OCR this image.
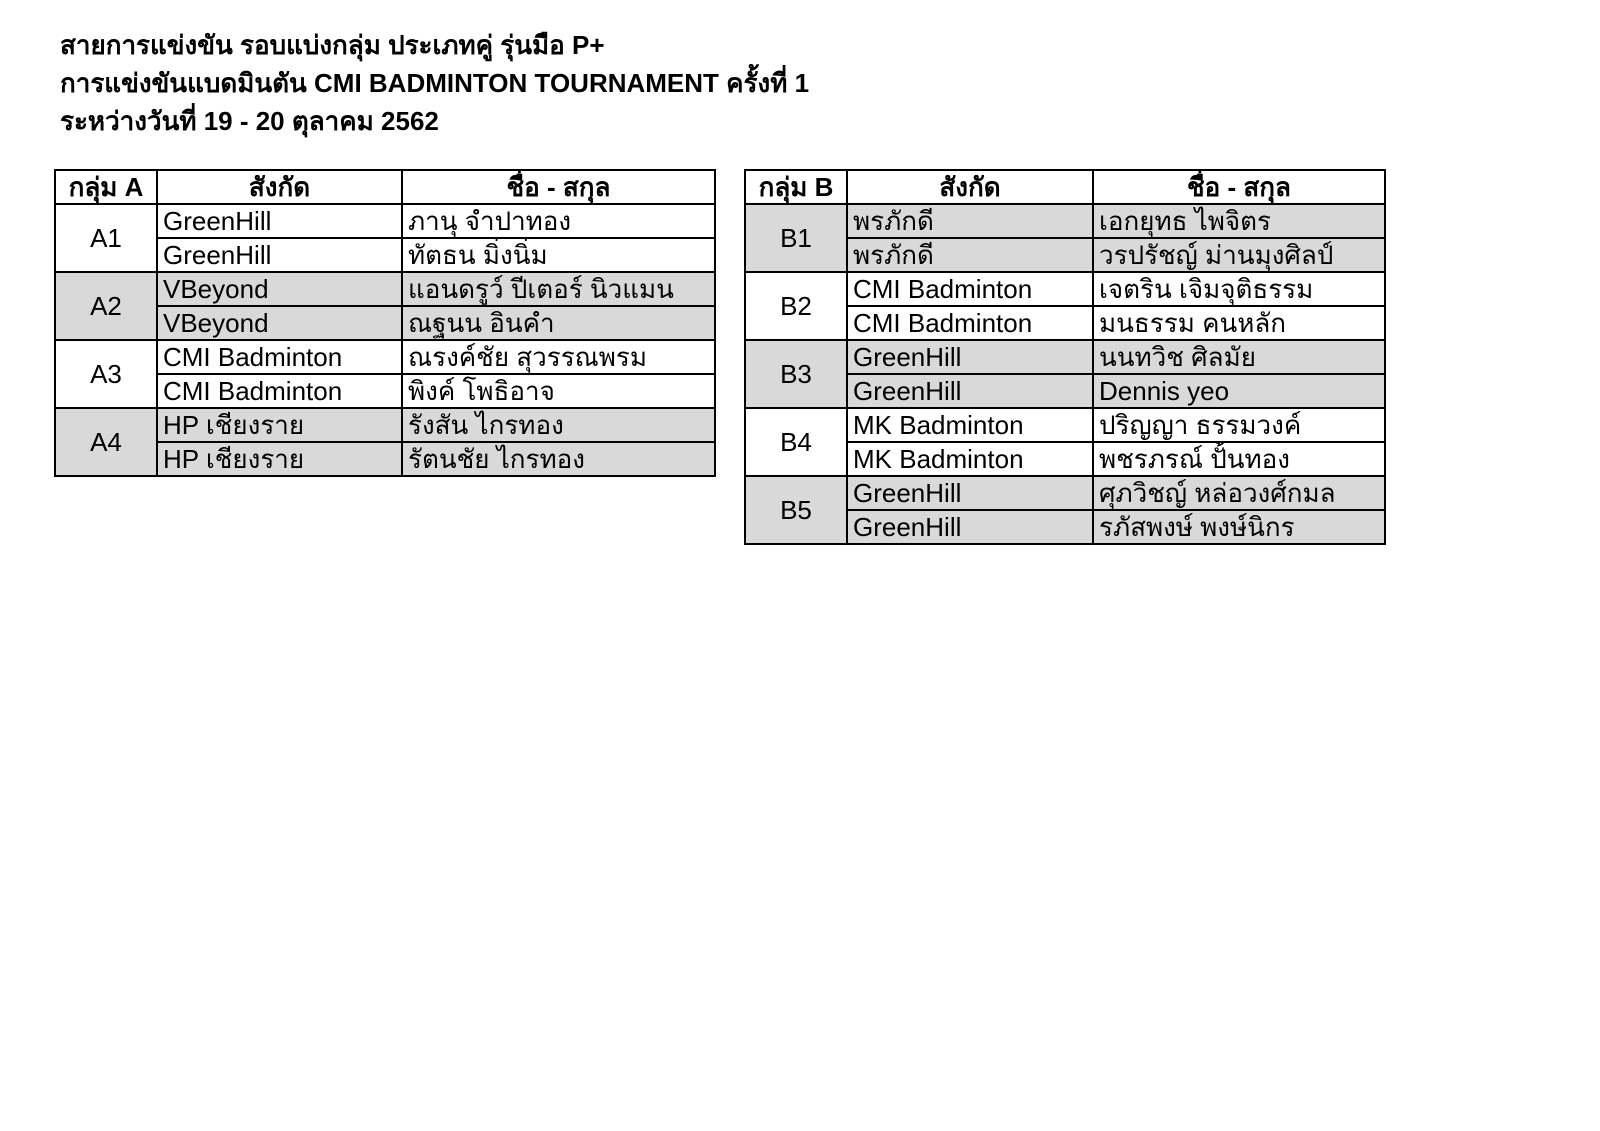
สายการแข่งขัน รอบแบ่งกลุ่ม ประเภทคู่ รุ่นมือ P+
การแข่งขันแบดมินตัน CMI BADMINTON TOURNAMENT ครั้งที่ 1
ระหว่างวันที่ 19 - 20 ตุลาคม 2562
กลุ่ม A	สังกัด	ชื่อ - สกุล
A1	GreenHill	ภานุ จำปาทอง
	GreenHill	ทัตธน มิ่งนิ่ม
A2	VBeyond	แอนดรูว์ ปีเตอร์ นิวแมน
	VBeyond	ณฐนน อินคำ
A3	CMI Badminton	ณรงค์ชัย สุวรรณพรม
	CMI Badminton	พิงค์ โพธิอาจ
A4	HP เชียงราย	รังสัน ไกรทอง
	HP เชียงราย	รัตนชัย ไกรทอง
กลุ่ม B	สังกัด	ชื่อ - สกุล
B1	พรภักดี	เอกยุทธ ไพจิตร
	พรภักดี	วรปรัชญ์ ม่านมุงศิลป์
B2	CMI Badminton	เจตริน เจิมจุติธรรม
	CMI Badminton	มนธรรม คนหลัก
B3	GreenHill	นนทวิช ศิลมัย
	GreenHill	Dennis yeo
B4	MK Badminton	ปริญญา ธรรมวงค์
	MK Badminton	พชรภรณ์ ปั้นทอง
B5	GreenHill	ศุภวิชญ์ หล่อวงศ์กมล
	GreenHill	รภัสพงษ์ พงษ์นิกร
